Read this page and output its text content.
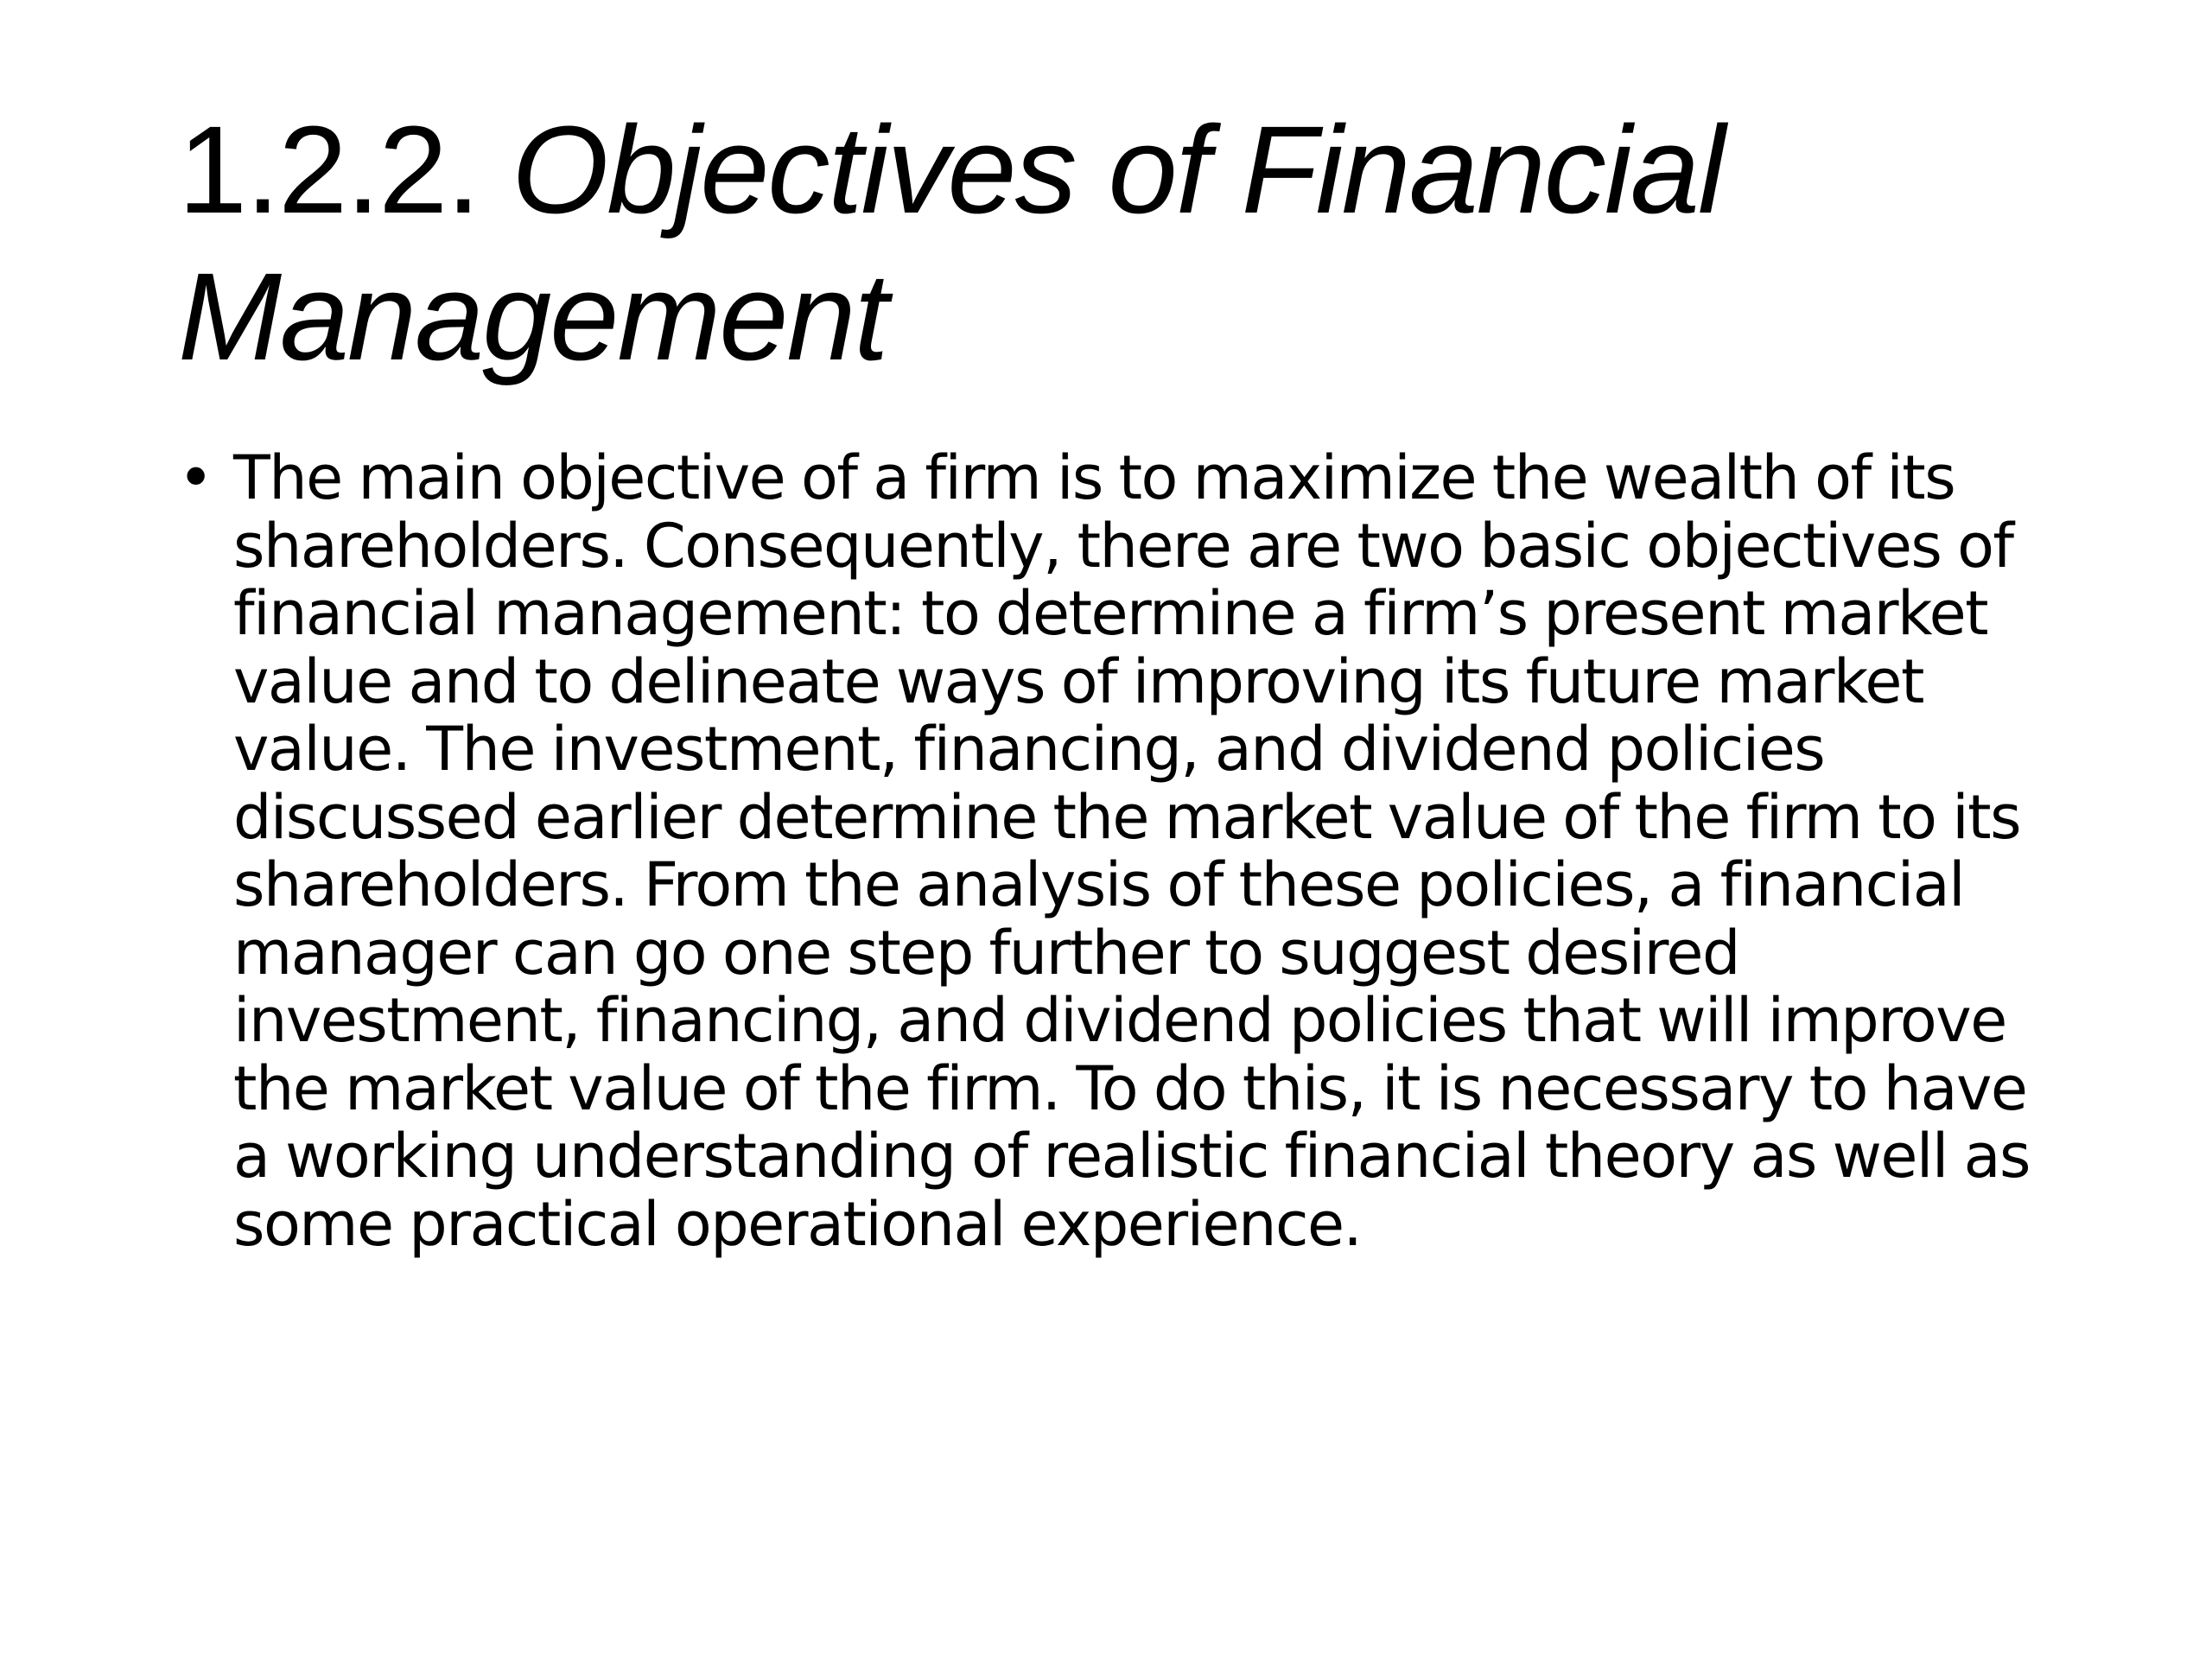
1.2.2. Objectives of Financial Management
• The main objective of a firm is to maximize the wealth of its shareholders. Consequently, there are two basic objectives of financial management: to determine a firm’s present market value and to delineate ways of improving its future market value. The investment, financing, and dividend policies discussed earlier determine the market value of the firm to its shareholders. From the analysis of these policies, a financial manager can go one step further to suggest desired investment, financing, and dividend policies that will improve the market value of the firm. To do this, it is necessary to have a working understanding of realistic financial theory as well as some practical operational experience.
